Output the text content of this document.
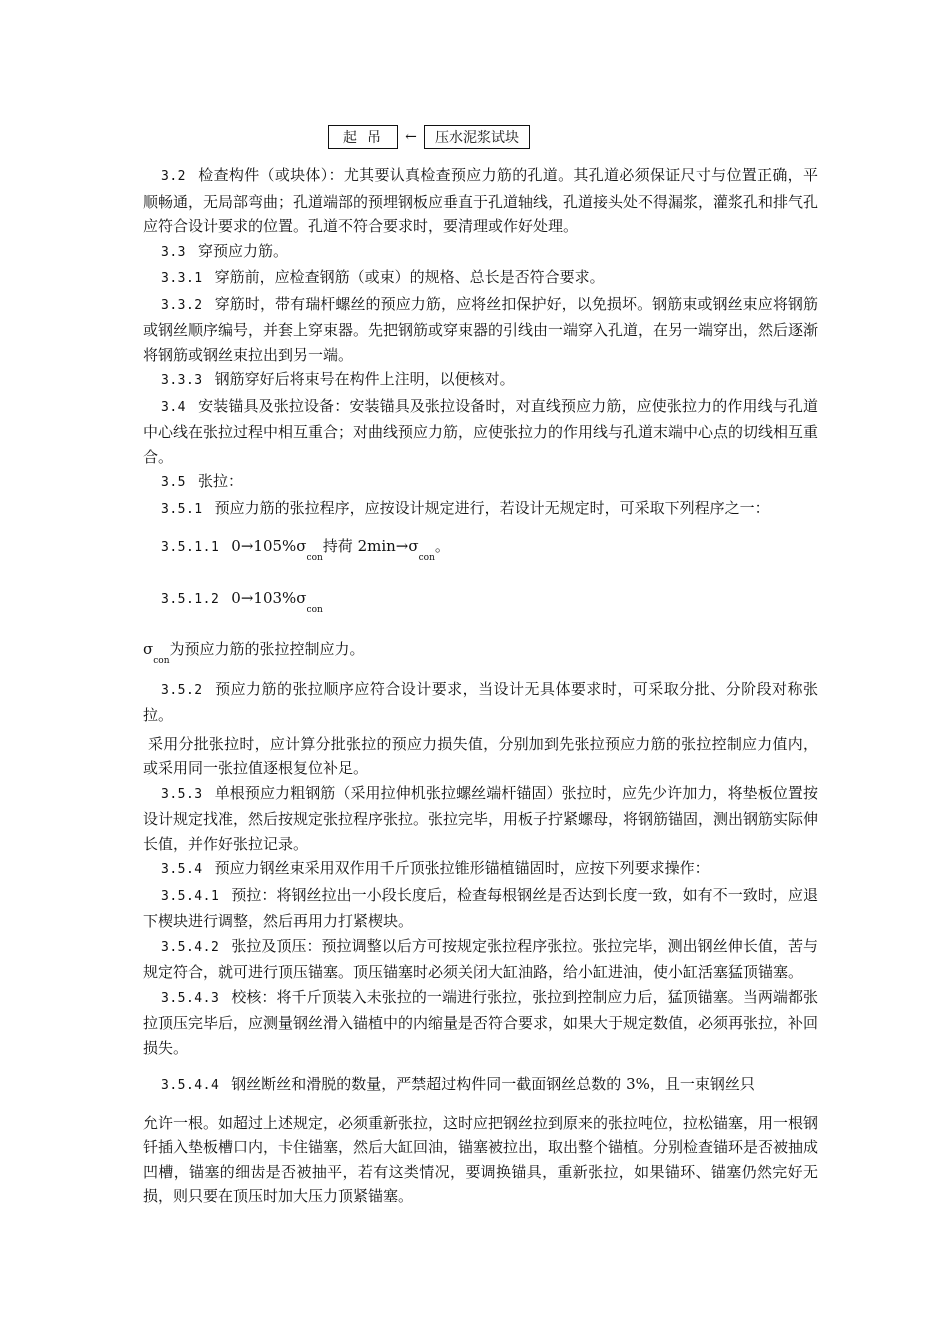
起吊	←	压水泥浆试块

3.2 检查构件（或块体）：尤其要认真检查预应力筋的孔道。其孔道必须保证尺寸与位置正确，平顺畅通，无局部弯曲；孔道端部的预埋钢板应垂直于孔道轴线，孔道接头处不得漏浆，灌浆孔和排气孔应符合设计要求的位置。孔道不符合要求时，要清理或作好处理。

3.3 穿预应力筋。

3.3.1 穿筋前，应检查钢筋（或束）的规格、总长是否符合要求。

3.3.2 穿筋时，带有瑞杆螺丝的预应力筋，应将丝扣保护好，以免损坏。钢筋束或钢丝束应将钢筋或钢丝顺序编号，并套上穿束器。先把钢筋或穿束器的引线由一端穿入孔道，在另一端穿出，然后逐渐将钢筋或钢丝束拉出到另一端。

3.3.3 钢筋穿好后将束号在构件上注明，以便核对。

3.4 安装锚具及张拉设备：安装锚具及张拉设备时，对直线预应力筋，应使张拉力的作用线与孔道中心线在张拉过程中相互重合；对曲线预应力筋，应使张拉力的作用线与孔道末端中心点的切线相互重合。

3.5 张拉：

3.5.1 预应力筋的张拉程序，应按设计规定进行，若设计无规定时，可采取下列程序之一：

3.5.1.1 $0\to 105\%\sigma_{con}$持荷 $2\min\to\sigma_{con}$。

3.5.1.2 $0\to 103\%\sigma_{con}$

$\sigma_{con}$为预应力筋的张拉控制应力。

3.5.2 预应力筋的张拉顺序应符合设计要求，当设计无具体要求时，可采取分批、分阶段对称张拉。

采用分批张拉时，应计算分批张拉的预应力损失值，分别加到先张拉预应力筋的张拉控制应力值内，或采用同一张拉值逐根复位补足。

3.5.3 单根预应力粗钢筋（采用拉伸机张拉螺丝端杆锚固）张拉时，应先少许加力，将垫板位置按设计规定找准，然后按规定张拉程序张拉。张拉完毕，用板子拧紧螺母，将钢筋锚固，测出钢筋实际伸长值，并作好张拉记录。

3.5.4 预应力钢丝束采用双作用千斤顶张拉锥形锚植锚固时，应按下列要求操作：

3.5.4.1 预拉：将钢丝拉出一小段长度后，检查每根钢丝是否达到长度一致，如有不一致时，应退下楔块进行调整，然后再用力打紧楔块。

3.5.4.2 张拉及顶压：预拉调整以后方可按规定张拉程序张拉。张拉完毕，测出钢丝伸长值，苦与规定符合，就可进行顶压锚塞。顶压锚塞时必须关闭大缸油路，给小缸进油，使小缸活塞猛顶锚塞。

3.5.4.3 校核：将千斤顶装入未张拉的一端进行张拉，张拉到控制应力后，猛顶锚塞。当两端都张拉顶压完毕后，应测量钢丝滑入锚植中的内缩量是否符合要求，如果大于规定数值，必须再张拉，补回损失。

3.5.4.4 钢丝断丝和滑脱的数量，严禁超过构件同一截面钢丝总数的 3%，且一束钢丝只

允许一根。如超过上述规定，必须重新张拉，这时应把钢丝拉到原来的张拉吨位，拉松锚塞，用一根钢钎插入垫板槽口内，卡住锚塞，然后大缸回油，锚塞被拉出，取出整个锚植。分别检查锚环是否被抽成凹槽，锚塞的细齿是否被抽平，若有这类情况，要调换锚具，重新张拉，如果锚环、锚塞仍然完好无损，则只要在顶压时加大压力顶紧锚塞。
